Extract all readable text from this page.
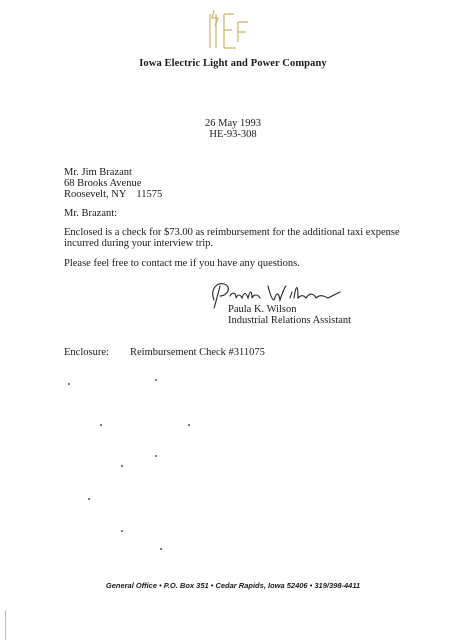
Iowa Electric Light and Power Company
26 May 1993
HE-93-308
Mr. Jim Brazant
68 Brooks Avenue
Roosevelt, NY 11575
Mr. Brazant:
Enclosed is a check for $73.00 as reimbursement for the additional taxi expense incurred during your interview trip.
Please feel free to contact me if you have any questions.
Paula K. Wilson
Industrial Relations Assistant
Enclosure: Reimbursement Check #311075
General Office • P.O. Box 351 • Cedar Rapids, Iowa 52406 • 319/398-4411
